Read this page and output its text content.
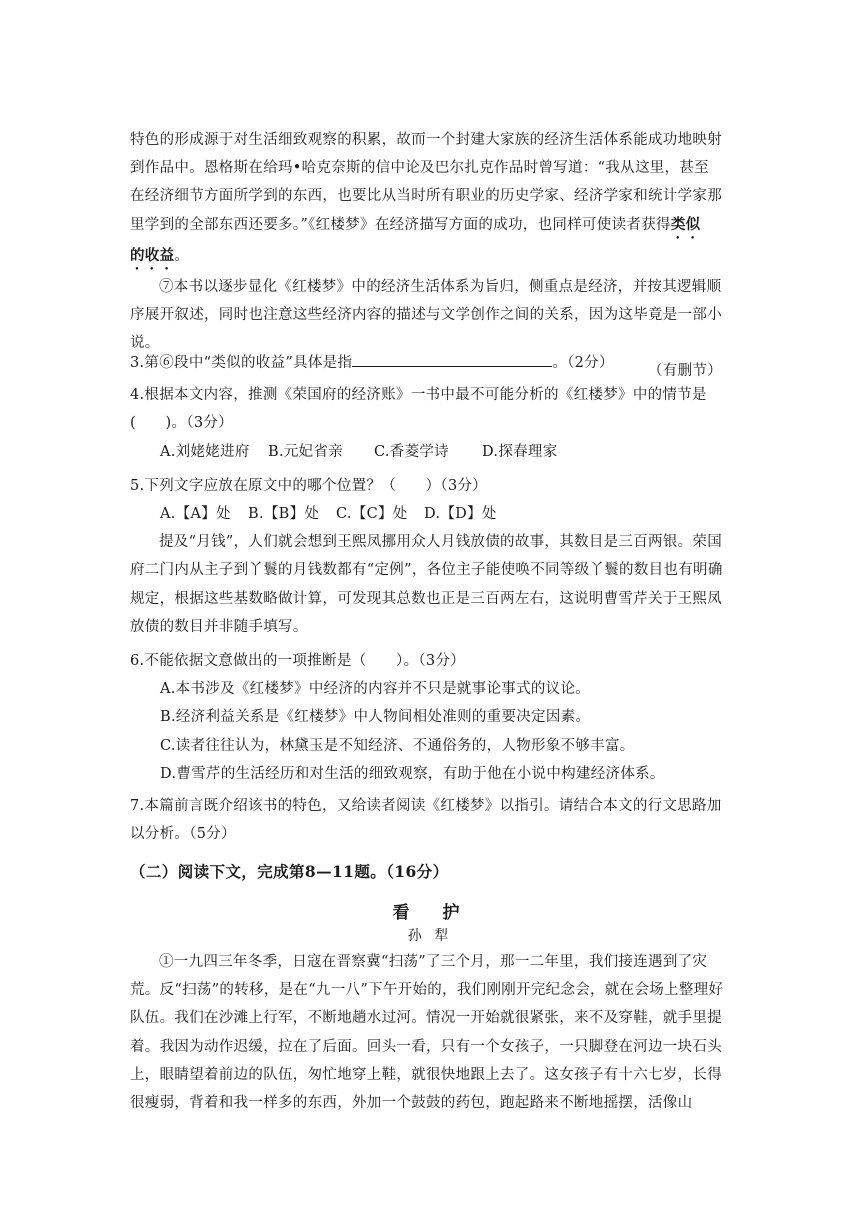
特色的形成源于对生活细致观察的积累，故而一个封建大家族的经济生活体系能成功地映射

到作品中。恩格斯在给玛•哈克奈斯的信中论及巴尔扎克作品时曾写道：“我从这里，甚至

在经济细节方面所学到的东西，也要比从当时所有职业的历史学家、经济学家和统计学家那

里学到的全部东西还要多。”《红楼梦》在经济描写方面的成功，也同样可使读者获得类似

的收益。

⑦本书以逐步显化《红楼梦》中的经济生活体系为旨归，侧重点是经济，并按其逻辑顺序展开叙述，同时也注意这些经济内容的描述与文学创作之间的关系，因为这毕竟是一部小说。

（有删节）

3.第⑥段中“类似的收益”具体是指	。（2分）

4.根据本文内容，推测《荣国府的经济账》一书中最不可能分析的《红楼梦》中的情节是(　　)。（3分）

A.刘姥姥进府	B.元妃省亲	C.香菱学诗	D.探春理家

5.下列文字应放在原文中的哪个位置？（　　）（3分）

A.【A】处	B.【B】处	C.【C】处	D.【D】处

提及“月钱”，人们就会想到王熙凤挪用众人月钱放债的故事，其数目是三百两银。荣国府二门内从主子到丫鬟的月钱数都有“定例”，各位主子能使唤不同等级丫鬟的数目也有明确规定，根据这些基数略做计算，可发现其总数也正是三百两左右，这说明曹雪芹关于王熙凤放债的数目并非随手填写。

6.不能依据文意做出的一项推断是（　　）。（3分）

A.本书涉及《红楼梦》中经济的内容并不只是就事论事式的议论。

B.经济利益关系是《红楼梦》中人物间相处准则的重要决定因素。

C.读者往往认为，林黛玉是不知经济、不通俗务的，人物形象不够丰富。

D.曹雪芹的生活经历和对生活的细致观察，有助于他在小说中构建经济体系。

7.本篇前言既介绍该书的特色，又给读者阅读《红楼梦》以指引。请结合本文的行文思路加以分析。（5分）

（二）阅读下文，完成第8—11题。（16分）
看　护
孙 犁

①一九四三年冬季，日寇在晋察冀“扫荡”了三个月，那一二年里，我们接连遇到了灾荒。反“扫荡”的转移，是在“九一八”下午开始的，我们刚刚开完纪念会，就在会场上整理好队伍。我们在沙滩上行军，不断地趟水过河。情况一开始就很紧张，来不及穿鞋，就手里提着。我因为动作迟缓，拉在了后面。回头一看，只有一个女孩子，一只脚登在河边一块石头上，眼睛望着前边的队伍，匆忙地穿上鞋，就很快地跟上去了。这女孩子有十六七岁，长得很瘦弱，背着和我一样多的东西，外加一个鼓鼓的药包，跑起路来不断地摇摆，活像山
